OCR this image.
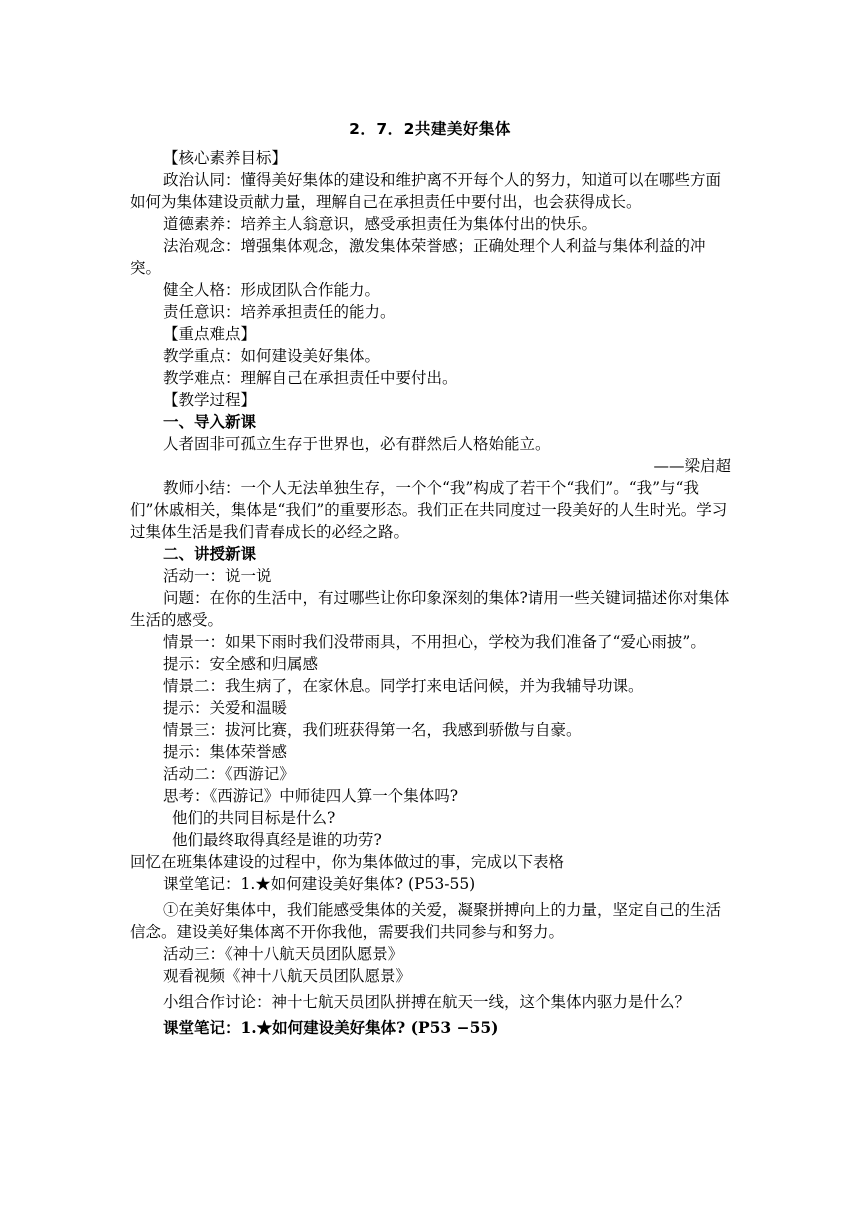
2．7．2共建美好集体

【核心素养目标】

政治认同：懂得美好集体的建设和维护离不开每个人的努力，知道可以在哪些方面如何为集体建设贡献力量，理解自己在承担责任中要付出，也会获得成长。

道德素养：培养主人翁意识，感受承担责任为集体付出的快乐。

法治观念：增强集体观念，激发集体荣誉感；正确处理个人利益与集体利益的冲突。

健全人格：形成团队合作能力。

责任意识：培养承担责任的能力。

【重点难点】

教学重点：如何建设美好集体。

教学难点：理解自己在承担责任中要付出。

【教学过程】

一、导入新课

人者固非可孤立生存于世界也，必有群然后人格始能立。

——梁启超

教师小结：一个人无法单独生存，一个个“我”构成了若干个“我们”。“我”与“我们”休戚相关，集体是“我们”的重要形态。我们正在共同度过一段美好的人生时光。学习过集体生活是我们青春成长的必经之路。

二、讲授新课

活动一：说一说

问题：在你的生活中，有过哪些让你印象深刻的集体?请用一些关键词描述你对集体生活的感受。

情景一：如果下雨时我们没带雨具，不用担心，学校为我们准备了“爱心雨披”。

提示：安全感和归属感

情景二：我生病了，在家休息。同学打来电话问候，并为我辅导功课。

提示：关爱和温暖

情景三：拔河比赛，我们班获得第一名，我感到骄傲与自豪。

提示：集体荣誉感

活动二：《西游记》

思考：《西游记》中师徒四人算一个集体吗?

他们的共同目标是什么?

他们最终取得真经是谁的功劳?

回忆在班集体建设的过程中，你为集体做过的事，完成以下表格

课堂笔记：1.★如何建设美好集体? (P53-55)

①在美好集体中，我们能感受集体的关爱，凝聚拼搏向上的力量，坚定自己的生活信念。建设美好集体离不开你我他，需要我们共同参与和努力。

活动三：《神十八航天员团队愿景》

观看视频《神十八航天员团队愿景》

小组合作讨论：神十七航天员团队拼搏在航天一线，这个集体内驱力是什么？

课堂笔记：1.★如何建设美好集体? (P53 −55)
